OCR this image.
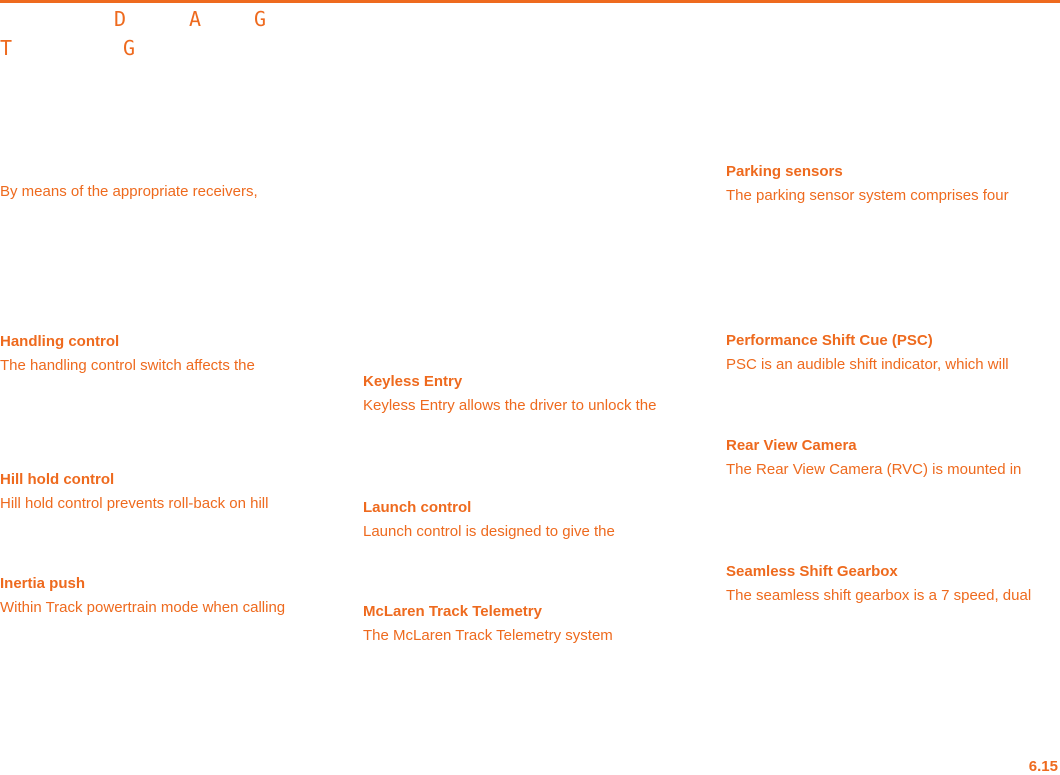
D	A	G
T	G

By means of the appropriate receivers,

Handling control

The handling control switch affects the

Hill hold control

Hill hold control prevents roll-back on hill

Inertia push

Within Track powertrain mode when calling

Keyless Entry

Keyless Entry allows the driver to unlock the

Launch control

Launch control is designed to give the

McLaren Track Telemetry

The McLaren Track Telemetry system

Parking sensors

The parking sensor system comprises four

Performance Shift Cue (PSC)

PSC is an audible shift indicator, which will

Rear View Camera

The Rear View Camera (RVC) is mounted in

Seamless Shift Gearbox

The seamless shift gearbox is a 7 speed, dual

6.15
